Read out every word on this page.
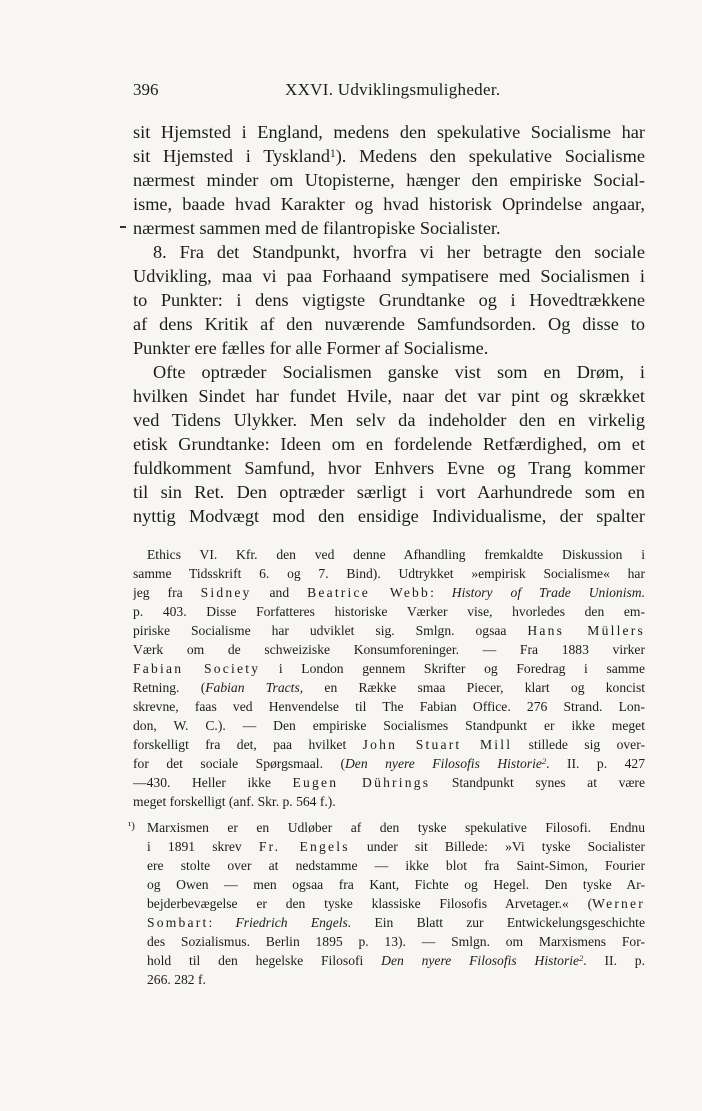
396	XXVI. Udviklingsmuligheder.
sit Hjemsted i England, medens den spekulative Socialisme har
sit Hjemsted i Tyskland$^1$). Medens den spekulative Socialisme
nærmest minder om Utopisterne, hænger den empiriske Social-
isme, baade hvad Karakter og hvad historisk Oprindelse angaar,
nærmest sammen med de filantropiske Socialister.
8. Fra det Standpunkt, hvorfra vi her betragte den sociale
Udvikling, maa vi paa Forhaand sympatisere med Socialismen i
to Punkter: i dens vigtigste Grundtanke og i Hovedtrækkene
af dens Kritik af den nuværende Samfundsorden. Og disse to
Punkter ere fælles for alle Former af Socialisme.
Ofte optræder Socialismen ganske vist som en Drøm, i
hvilken Sindet har fundet Hvile, naar det var pint og skrækket
ved Tidens Ulykker. Men selv da indeholder den en virkelig
etisk Grundtanke: Ideen om en fordelende Retfærdighed, om et
fuldkomment Samfund, hvor Enhvers Evne og Trang kommer
til sin Ret. Den optræder særligt i vort Aarhundrede som en
nyttig Modvægt mod den ensidige Individualisme, der spalter
Ethics VI. Kfr. den ved denne Afhandling fremkaldte Diskussion i
samme Tidsskrift 6. og 7. Bind). Udtrykket »empirisk Socialisme« har
jeg fra Sidney and Beatrice Webb: History of Trade Unionism.
p. 403. Disse Forfatteres historiske Værker vise, hvorledes den em-
piriske Socialisme har udviklet sig. Smlgn. ogsaa Hans Müllers
Værk om de schweiziske Konsumforeninger. — Fra 1883 virker
Fabian Society i London gennem Skrifter og Foredrag i samme
Retning. (Fabian Tracts, en Række smaa Piecer, klart og koncist
skrevne, faas ved Henvendelse til The Fabian Office. 276 Strand. Lon-
don, W. C.). — Den empiriske Socialismes Standpunkt er ikke meget
forskelligt fra det, paa hvilket John Stuart Mill stillede sig over-
for det sociale Spørgsmaal. (Den nyere Filosofis Historie$^2$. II. p. 427
—430. Heller ikke Eugen Dührings Standpunkt synes at være
meget forskelligt (anf. Skr. p. 564 f.).
¹) Marxismen er en Udløber af den tyske spekulative Filosofi. Endnu
i 1891 skrev Fr. Engels under sit Billede: »Vi tyske Socialister
ere stolte over at nedstamme — ikke blot fra Saint-Simon, Fourier
og Owen — men ogsaa fra Kant, Fichte og Hegel. Den tyske Ar-
bejderbevægelse er den tyske klassiske Filosofis Arvetager.« (Werner
Sombart: Friedrich Engels. Ein Blatt zur Entwickelungsgeschichte
des Sozialismus. Berlin 1895 p. 13). — Smlgn. om Marxismens For-
hold til den hegelske Filosofi Den nyere Filosofis Historie$^2$. II. p.
266. 282 f.
